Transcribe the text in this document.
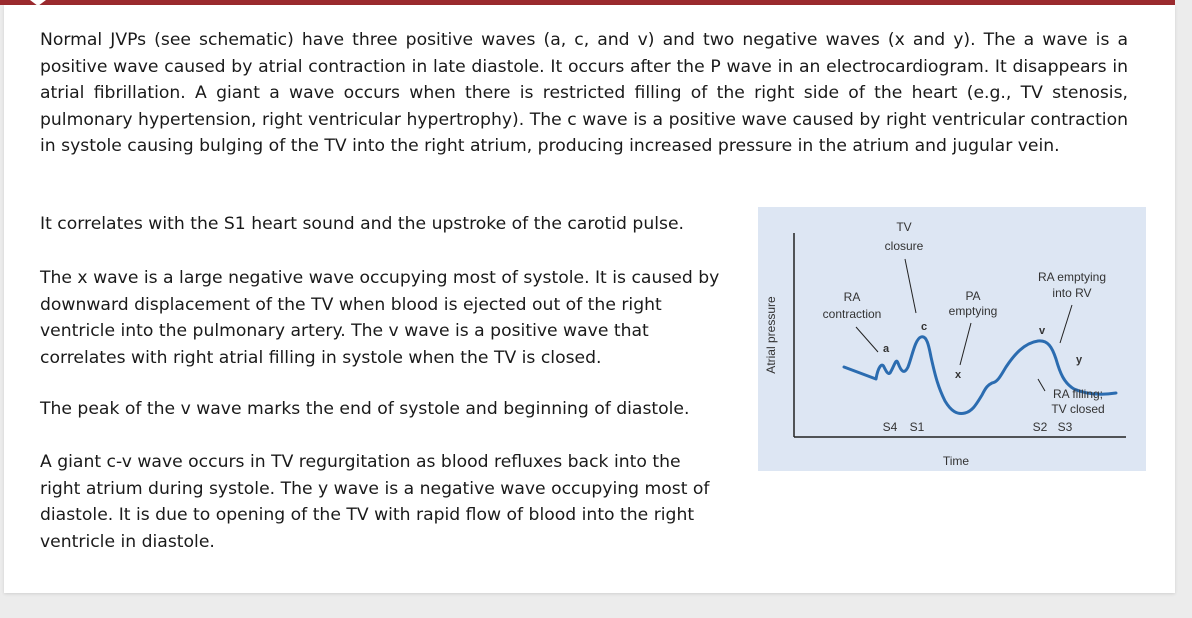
Normal JVPs (see schematic) have three positive waves (a, c, and v) and two negative waves (x and y). The a wave is a positive wave caused by atrial contraction in late diastole. It occurs after the P wave in an electrocardiogram. It disappears in atrial fibrillation. A giant a wave occurs when there is restricted filling of the right side of the heart (e.g., TV stenosis, pulmonary hypertension, right ventricular hypertrophy). The c wave is a positive wave caused by right ventricular contraction in systole causing bulging of the TV into the right atrium, producing increased pressure in the atrium and jugular vein.
It correlates with the S1 heart sound and the upstroke of the carotid pulse.
The x wave is a large negative wave occupying most of systole. It is caused by downward displacement of the TV when blood is ejected out of the right ventricle into the pulmonary artery. The v wave is a positive wave that correlates with right atrial filling in systole when the TV is closed.
The peak of the v wave marks the end of systole and beginning of diastole.
A giant c-v wave occurs in TV regurgitation as blood refluxes back into the right atrium during systole. The y wave is a negative wave occupying most of diastole. It is due to opening of the TV with rapid flow of blood into the right ventricle in diastole.
Atrial pressure
Time
TV
closure
RA
contraction
c
a
PA
emptying
x
RA emptying
into RV
v
y
RA filling;
TV closed
S4 S1	S2 S3
